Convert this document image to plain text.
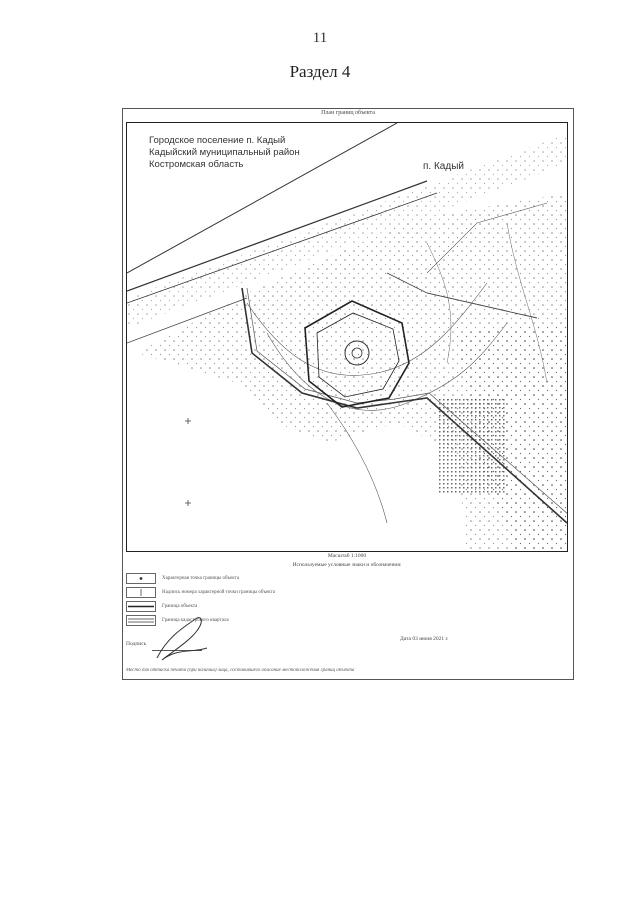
11
Раздел 4
План границ объекта
Городское поселение п. Кадый
Кадыйский муниципальный район
Костромская область	п. Кадый
Масштаб 1:1000
Используемые условные знаки и обозначения:
Характерная точка границы объекта
Надпись номера характерной точки границы объекта
Граница объекта
Граница кадастрового квартала
Подпись
Дата 03 июня 2021 г.
Место для оттиска печати (при наличии) лица, составившего описание местоположения границ объекта
